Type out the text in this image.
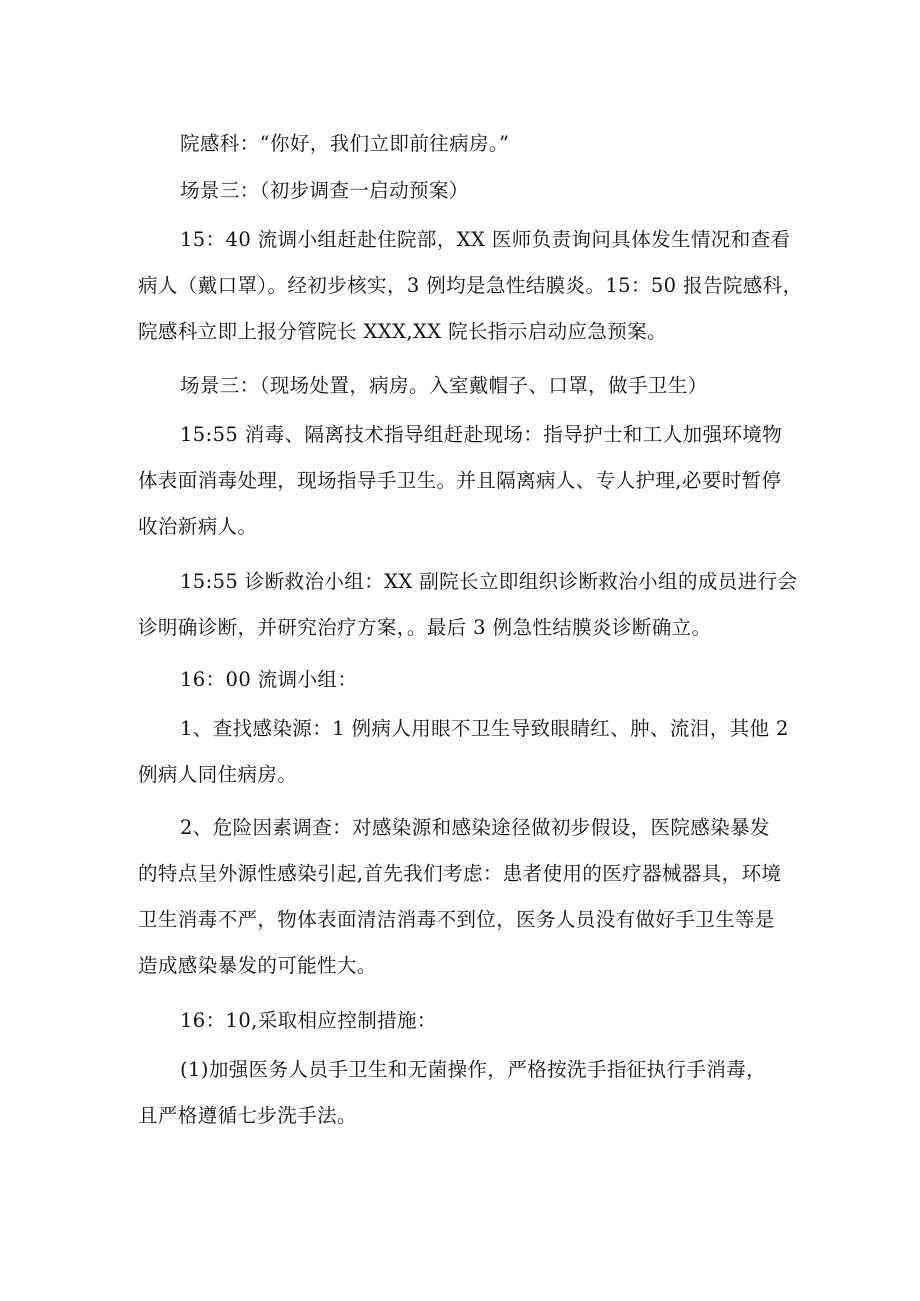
院感科：“你好，我们立即前往病房。”

场景三：（初步调查一启动预案）

15：40 流调小组赶赴住院部，XX 医师负责询问具体发生情况和查看
病人（戴口罩）。经初步核实，3 例均是急性结膜炎。15：50 报告院感科，
院感科立即上报分管院长 XXX,XX 院长指示启动应急预案。

场景三：（现场处置，病房。入室戴帽子、口罩，做手卫生）

15:55 消毒、隔离技术指导组赶赴现场：指导护士和工人加强环境物
体表面消毒处理，现场指导手卫生。并且隔离病人、专人护理,必要时暂停
收治新病人。

15:55 诊断救治小组：XX 副院长立即组织诊断救治小组的成员进行会
诊明确诊断，并研究治疗方案，。最后 3 例急性结膜炎诊断确立。

16：00 流调小组：

1、查找感染源：1 例病人用眼不卫生导致眼睛红、肿、流泪，其他 2
例病人同住病房。

2、危险因素调查：对感染源和感染途径做初步假设，医院感染暴发
的特点呈外源性感染引起,首先我们考虑：患者使用的医疗器械器具，环境
卫生消毒不严，物体表面清洁消毒不到位，医务人员没有做好手卫生等是
造成感染暴发的可能性大。

16：10,采取相应控制措施：

(1)加强医务人员手卫生和无菌操作，严格按洗手指征执行手消毒，
且严格遵循七步洗手法。
